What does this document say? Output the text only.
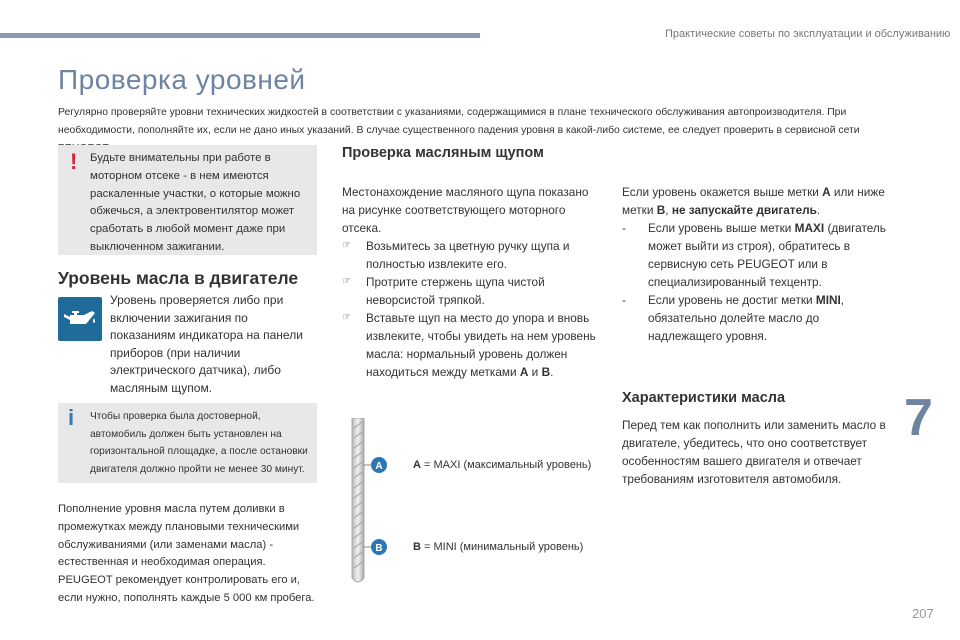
Практические советы по эксплуатации и обслуживанию
Проверка уровней
Регулярно проверяйте уровни технических жидкостей в соответствии с указаниями, содержащимися в плане технического обслуживания автопроизводителя. При необходимости, пополняйте их, если не дано иных указаний. В случае существенного падения уровня в какой-либо системе, ее следует проверить в сервисной сети
! Будьте внимательны при работе в моторном отсеке - в нем имеются раскаленные участки, о которые можно обжечься, а электровентилятор может сработать в любой момент даже при выключенном зажигании.
Уровень масла в двигателе
Уровень проверяется либо при включении зажигания по показаниям индикатора на панели приборов (при наличии электрического датчика), либо масляным щупом.
i Чтобы проверка была достоверной, автомобиль должен быть установлен на горизонтальной площадке, а после остановки двигателя должно пройти не менее 30 минут.
Пополнение уровня масла путем доливки в промежутках между плановыми техническими обслуживаниями (или заменами масла) - естественная и необходимая операция. PEUGEOT рекомендует контролировать его и, если нужно, пополнять каждые 5 000 км пробега.
Проверка масляным щупом

Местонахождение масляного щупа показано на рисунке соответствующего моторного отсека.

☞	Возьмитесь за цветную ручку щупа и полностью извлеките его.
☞	Протрите стержень щупа чистой неворсистой тряпкой.
☞	Вставьте щуп на место до упора и вновь извлеките, чтобы увидеть на нем уровень масла: нормальный уровень должен находиться между метками A и B.
A
B
A = MAXI (максимальный уровень)
B = MINI (минимальный уровень)

Если уровень окажется выше метки A или ниже метки B, не запускайте двигатель.

-	Если уровень выше метки MAXI (двигатель может выйти из строя), обратитесь в сервисную сеть PEUGEOT или в специализированный техцентр.
-	Если уровень не достиг метки MINI, обязательно долейте масло до надлежащего уровня.
Характеристики масла
Перед тем как пополнить или заменить масло в двигателе, убедитесь, что оно соответствует особенностям вашего двигателя и отвечает требованиям изготовителя автомобиля.
7
207
